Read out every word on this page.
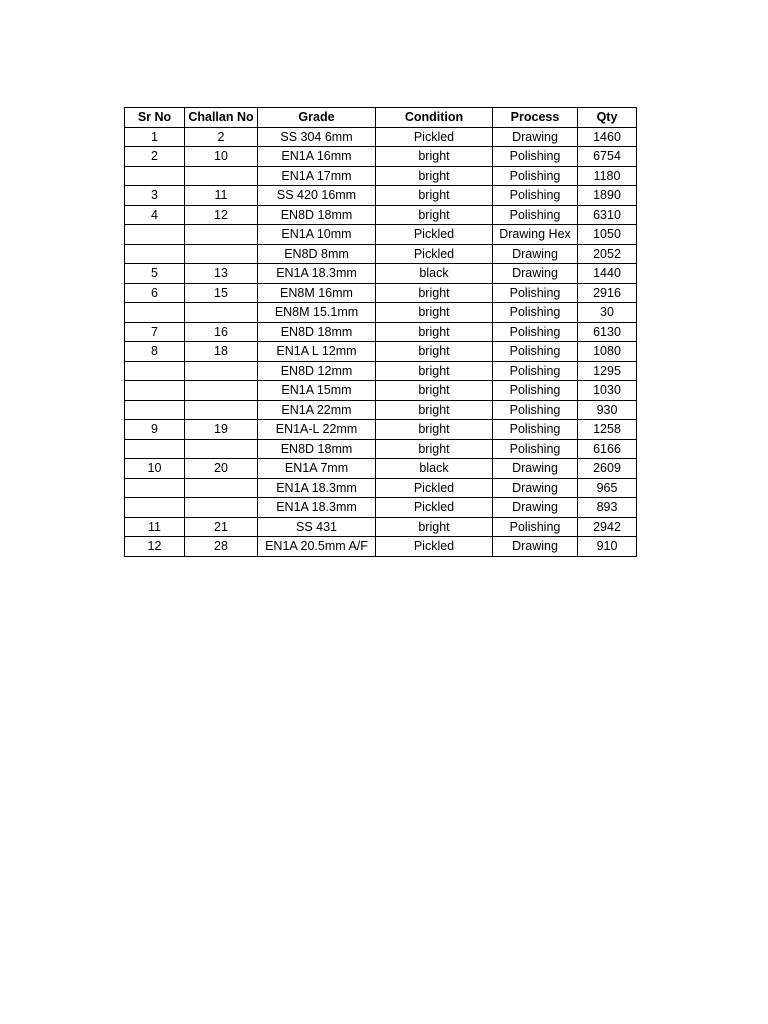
Sr No	Challan No	Grade	Condition	Process	Qty
1	2	SS 304 6mm	Pickled	Drawing	1460
2	10	EN1A 16mm	bright	Polishing	6754
		EN1A 17mm	bright	Polishing	1180
3	11	SS 420 16mm	bright	Polishing	1890
4	12	EN8D 18mm	bright	Polishing	6310
		EN1A 10mm	Pickled	Drawing Hex	1050
		EN8D 8mm	Pickled	Drawing	2052
5	13	EN1A 18.3mm	black	Drawing	1440
6	15	EN8M 16mm	bright	Polishing	2916
		EN8M 15.1mm	bright	Polishing	30
7	16	EN8D 18mm	bright	Polishing	6130
8	18	EN1A L 12mm	bright	Polishing	1080
		EN8D 12mm	bright	Polishing	1295
		EN1A 15mm	bright	Polishing	1030
		EN1A 22mm	bright	Polishing	930
9	19	EN1A-L 22mm	bright	Polishing	1258
		EN8D 18mm	bright	Polishing	6166
10	20	EN1A 7mm	black	Drawing	2609
		EN1A 18.3mm	Pickled	Drawing	965
		EN1A 18.3mm	Pickled	Drawing	893
11	21	SS 431	bright	Polishing	2942
12	28	EN1A 20.5mm A/F	Pickled	Drawing	910
